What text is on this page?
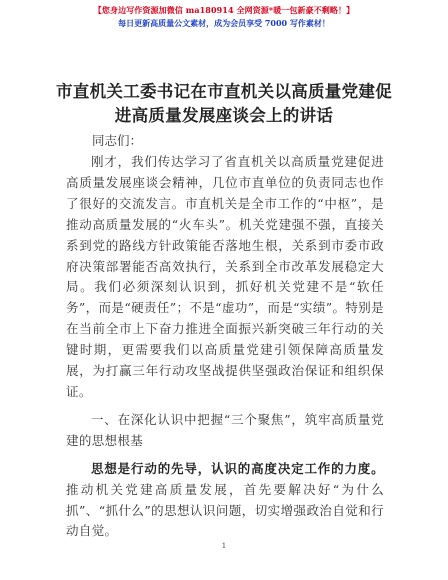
【您身边写作资源加微信 ma180914 全网资源*暖一包新豪不剩略！】
每日更新高质量公文素材，成为会员享受 7000 写作素材！
市直机关工委书记在市直机关以高质量党建促进高质量发展座谈会上的讲话
同志们：

刚才，我们传达学习了省直机关以高质量党建促进高质量发展座谈会精神，几位市直单位的负责同志也作了很好的交流发言。市直机关是全市工作的“中枢”，是推动高质量发展的“火车头”。机关党建强不强，直接关系到党的路线方针政策能否落地生根，关系到市委市政府决策部署能否高效执行，关系到全市改革发展稳定大局。我们必须深刻认识到，抓好机关党建不是“软任务”，而是“硬责任”；不是“虚功”，而是“实绩”。特别是在当前全市上下奋力推进全面振兴新突破三年行动的关键时期，更需要我们以高质量党建引领保障高质量发展，为打赢三年行动攻坚战提供坚强政治保证和组织保证。

一、在深化认识中把握“三个聚焦”，筑牢高质量党建的思想根基

思想是行动的先导，认识的高度决定工作的力度。推动机关党建高质量发展，首先要解决好“为什么抓”、“抓什么”的思想认识问题，切实增强政治自觉和行动自觉。

1
